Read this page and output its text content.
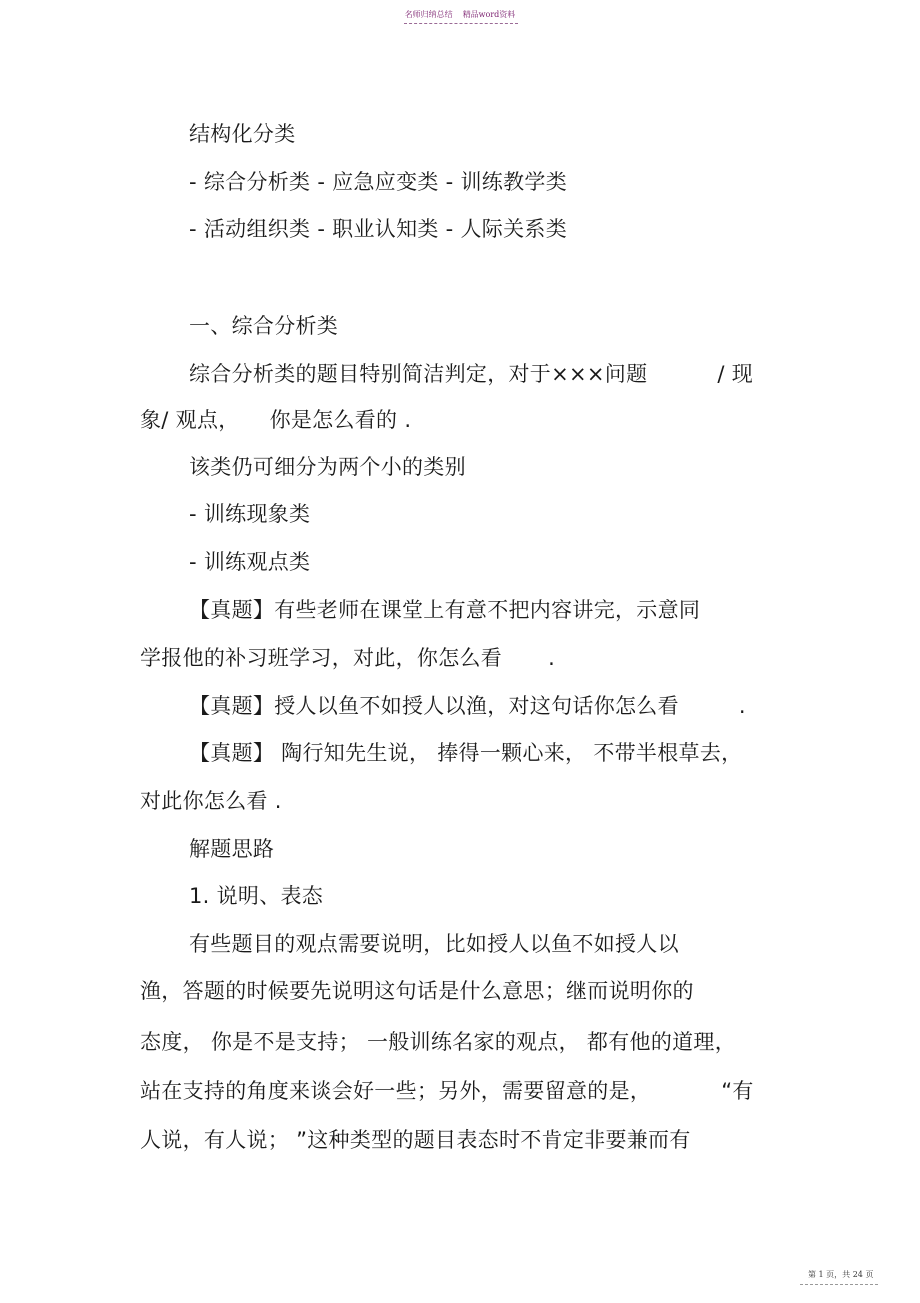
名师归纳总结 精品word资料
结构化分类
- 综合分析类 - 应急应变类 - 训练教学类
- 活动组织类 - 职业认知类 - 人际关系类
一、综合分析类
综合分析类的题目特别简洁判定，对于×××问题	/ 现
象/ 观点， 你是怎么看的 .
该类仍可细分为两个小的类别
- 训练现象类
- 训练观点类
【真题】有些老师在课堂上有意不把内容讲完，示意同
学报他的补习班学习，对此，你怎么看 .
【真题】授人以鱼不如授人以渔，对这句话你怎么看	.
【真题】 陶行知先生说， 捧得一颗心来， 不带半根草去，
对此你怎么看 .
解题思路
1. 说明、表态
有些题目的观点需要说明，比如授人以鱼不如授人以
渔，答题的时候要先说明这句话是什么意思；继而说明你的
态度， 你是不是支持； 一般训练名家的观点， 都有他的道理，
站在支持的角度来谈会好一些；另外，需要留意的是，	“有
人说，有人说； ”这种类型的题目表态时不肯定非要兼而有
第 1 页，共 24 页
